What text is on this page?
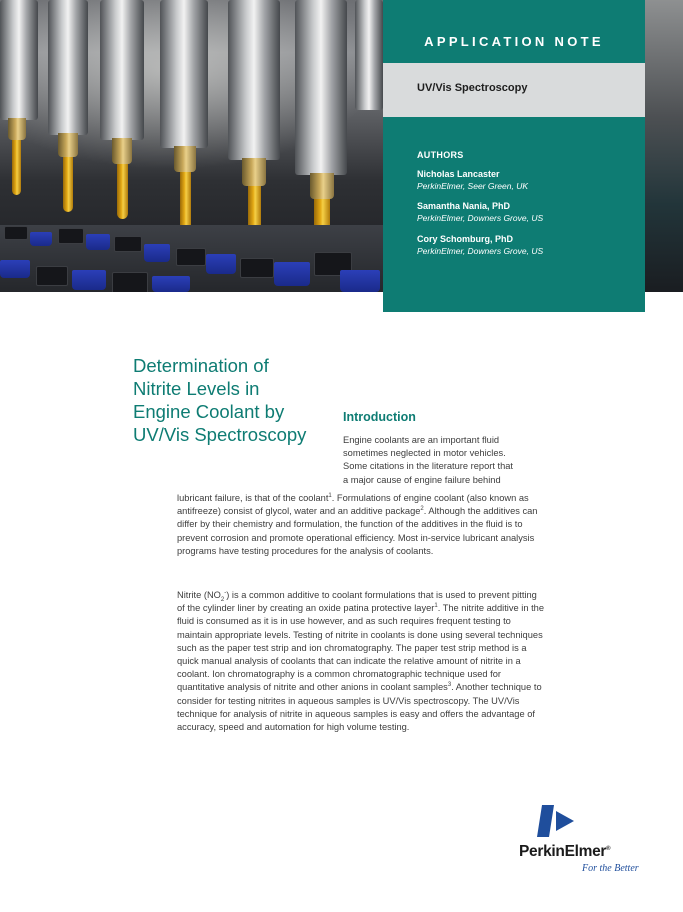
APPLICATION NOTE
UV/Vis Spectroscopy
AUTHORS
Nicholas Lancaster
PerkinElmer, Seer Green, UK
Samantha Nania, PhD
PerkinElmer, Downers Grove, US
Cory Schomburg, PhD
PerkinElmer, Downers Grove, US
Determination of
Nitrite Levels in
Engine Coolant by
UV/Vis Spectroscopy
Introduction
Engine coolants are an important fluid
sometimes neglected in motor vehicles.
Some citations in the literature report that
a major cause of engine failure behind

lubricant failure, is that of the coolant$^1$. Formulations of engine coolant (also known as antifreeze) consist of glycol, water and an additive package$^2$. Although the additives can differ by their chemistry and formulation, the function of the additives in the fluid is to prevent corrosion and promote operational efficiency. Most in-service lubricant analysis programs have testing procedures for the analysis of coolants.

Nitrite $(NO_2^-)$ is a common additive to coolant formulations that is used to prevent pitting of the cylinder liner by creating an oxide patina protective layer$^1$. The nitrite additive in the fluid is consumed as it is in use however, and as such requires frequent testing to maintain appropriate levels. Testing of nitrite in coolants is done using several techniques such as the paper test strip and ion chromatography. The paper test strip method is a quick manual analysis of coolants that can indicate the relative amount of nitrite in a coolant. Ion chromatography is a common chromatographic technique used for quantitative analysis of nitrite and other anions in coolant samples$^3$. Another technique to consider for testing nitrites in aqueous samples is UV/Vis spectroscopy. The UV/Vis technique for analysis of nitrite in aqueous samples is easy and offers the advantage of accuracy, speed and automation for high volume testing.

PerkinElmer®
For the Better
